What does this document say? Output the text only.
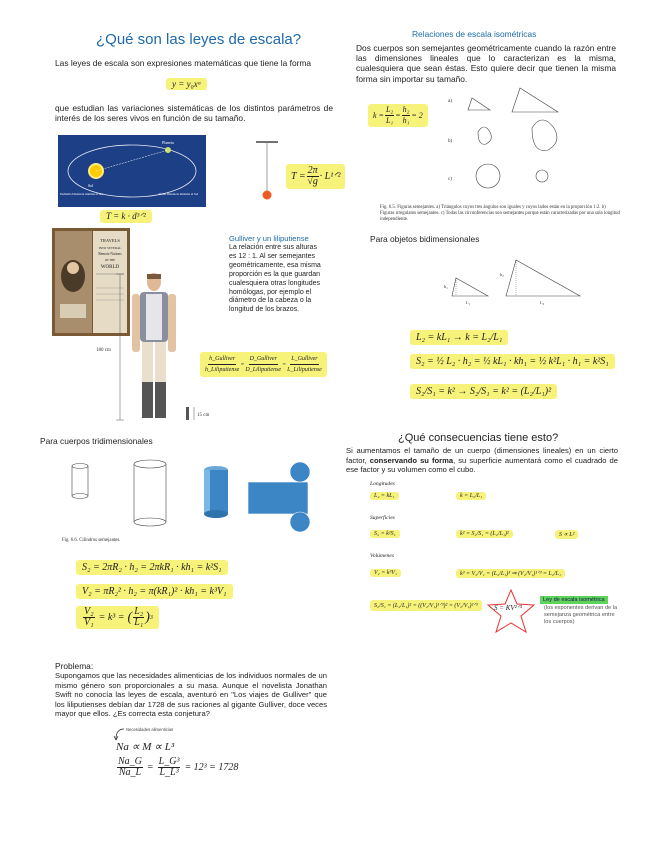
¿Qué son las leyes de escala?
Las leyes de escala son expresiones matemáticas que tiene la forma
y = y₀xᵅ
que estudian las variaciones sistemáticas de los distintos parámetros de interés de los seres vivos en función de su tamaño.
Sol
Planeta
Perihelio Distancia mínima al Sol	Afelio Distancia máxima al Sol
T = k · d³ᐟ²
$T = \frac{2\pi}{√g}$ · L¹ᐟ²
TRAVELS
INTO SEVERAL
Remote Nations
OF THE
WORLD
180 cm
15 cm
Gulliver y un liliputiense
La relación entre sus alturas es 12 : 1. Al ser semejantes geométricamente, esa misma proporción es la que guardan cualesquiera otras longitudes homólogas, por ejemplo el diámetro de la cabeza o la longitud de los brazos.
$\frac{\text{h\_Gulliver}}{\text{h\_Liliputiense}} = \frac{\text{D\_Gulliver}}{\text{D\_Liliputiense}} = \frac{\text{L\_Gulliver}}{\text{L\_Liliputiense}}$
Para cuerpos tridimensionales
Fig. 6.6. Cilindros semejantes.
S₂ = 2πR₂ · h₂ = 2πkR₁ · kh₁ = k²S₁
V₂ = πR₂² · h₂ = π(kR₁)² · kh₁ = k³V₁
$\frac{\text{V₂}}{\text{V₁}} = k^3$ = ( $\frac{\text{L₂}}{\text{L₁}}$ ) 3
Problema:
Supongamos que las necesidades alimenticias de los individuos normales de un mismo género son proporcionales a su masa. Aunque el novelista Jonathan Swift no conocía las leyes de escala, aventuró en "Los viajes de Gulliver" que los liliputienses debían dar 1728 de sus raciones al gigante Gulliver, doce veces mayor que ellos. ¿Es correcta esta conjetura?
Necesidades alimenticias
Na ∝ M ∝ L³
$\frac{Na\_G}{Na\_L} = \frac{\text{L\_G³}}{\text{L\_L³}} = 12^3 = 1728$
Relaciones de escala isométricas
Dos cuerpos son semejantes geométricamente cuando la razón entre las dimensiones lineales que lo caracterizan es la misma, cualesquiera que sean éstas. Esto quiere decir que tienen la misma forma sin importar su tamaño.
$k = \frac{\text{L₂}}{\text{L₁}} = \frac{\text{h₂}}{\text{h₁}} = 2$
a)
b)
c)
Fig. 6.5. Figuras semejantes. a) Triángulos cuyos tres ángulos son iguales y cuyos lados están en la proporción 1:2. b) Figuras irregulares semejantes. c) Todas las circunferencias son semejantes porque están caracterizadas por una sola longitud independiente.
Para objetos bidimensionales
h₁
L₁
h₂
L₂
L₂ = kL₁ → k = L₂/L₁
S₂ = ½ L₂ · h₂ = ½ kL₁ · kh₁ = ½ k²L₁ · h₁ = k²S₁
S₂/S₁ = k² → S₂/S₁ = k² = (L₂/L₁)²
¿Qué consecuencias tiene esto?
Si aumentamos el tamaño de un cuerpo (dimensiones lineales) en un cierto factor, conservando su forma, su superficie aumentará como el cuadrado de ese factor y su volumen como el cubo.
Longitudes
L₂ = kL₁	k = L₂/L₁
Superficies
S₂ = k²S₁	k² = S₂/S₁ = (L₂/L₁)²	S ∝ L²
Volúmenes
V₂ = k³V₁	k³ = V₂/V₁ = (L₂/L₁)³ ⇒ (V₂/V₁)¹ᐟ³ = L₂/L₁
S₂/S₁ = (L₂/L₁)² = ((V₂/V₁)¹ᐟ³)² = (V₂/V₁)²ᐟ³	S = KV²ᐟ³
Ley de escala isométrica
(los exponentes derivan de la semejanza geométrica entre los cuerpos)
